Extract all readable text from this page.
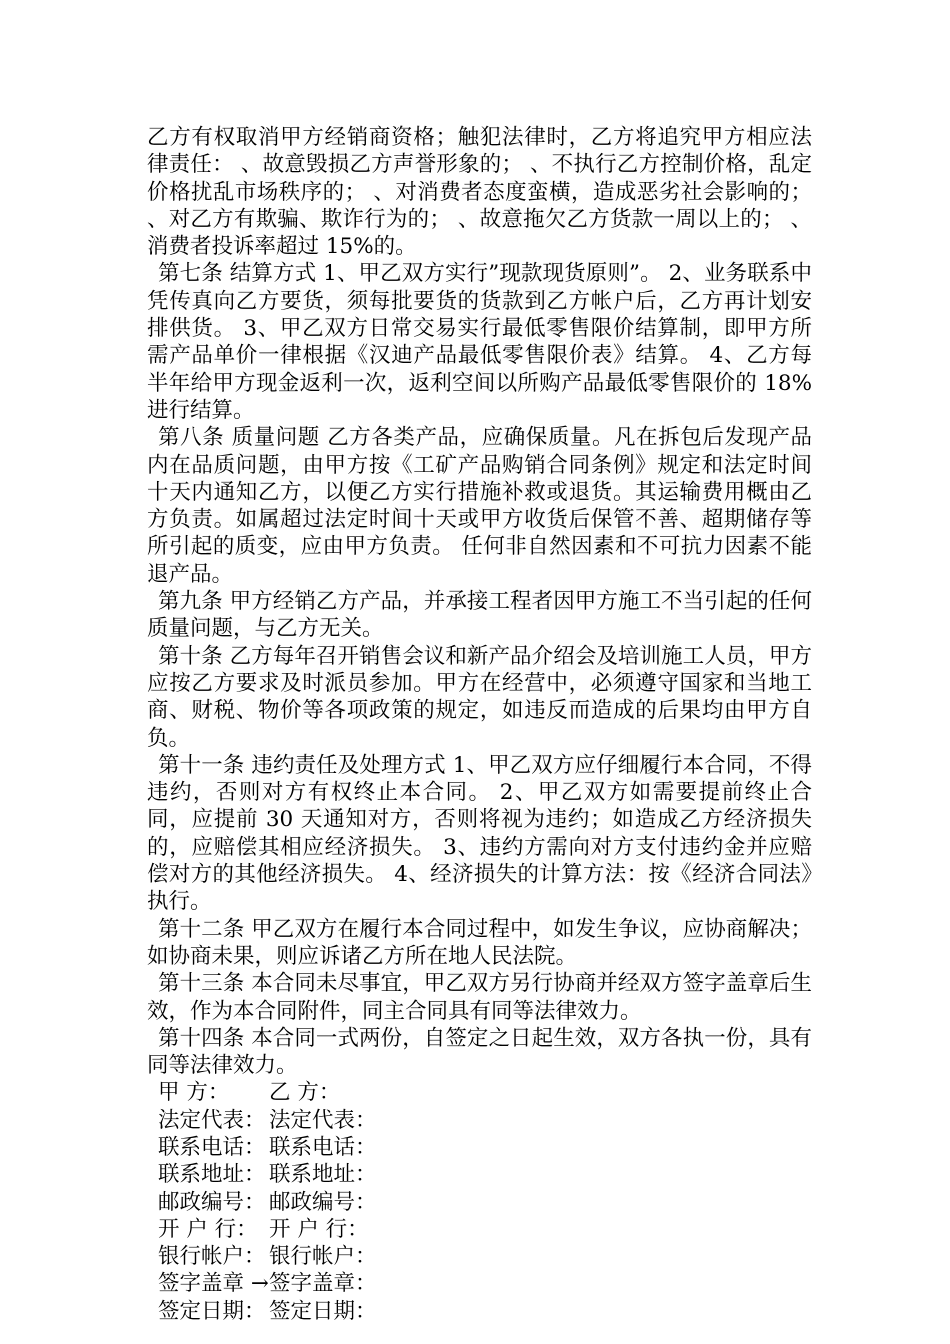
乙方有权取消甲方经销商资格；触犯法律时，乙方将追究甲方相应法律责任： 、故意毁损乙方声誉形象的； 、不执行乙方控制价格，乱定价格扰乱市场秩序的； 、对消费者态度蛮横，造成恶劣社会影响的； 、对乙方有欺骗、欺诈行为的； 、故意拖欠乙方货款一周以上的； 、消费者投诉率超过 15%的。

第七条 结算方式 1、甲乙双方实行”现款现货原则”。 2、业务联系中凭传真向乙方要货，须每批要货的货款到乙方帐户后，乙方再计划安排供货。 3、甲乙双方日常交易实行最低零售限价结算制，即甲方所需产品单价一律根据《汉迪产品最低零售限价表》结算。 4、乙方每半年给甲方现金返利一次，返利空间以所购产品最低零售限价的 18%进行结算。

第八条 质量问题 乙方各类产品，应确保质量。凡在拆包后发现产品内在品质问题，由甲方按《工矿产品购销合同条例》规定和法定时间十天内通知乙方，以便乙方实行措施补救或退货。其运输费用概由乙方负责。如属超过法定时间十天或甲方收货后保管不善、超期储存等所引起的质变，应由甲方负责。 任何非自然因素和不可抗力因素不能退产品。

第九条 甲方经销乙方产品，并承接工程者因甲方施工不当引起的任何质量问题，与乙方无关。

第十条 乙方每年召开销售会议和新产品介绍会及培训施工人员，甲方应按乙方要求及时派员参加。甲方在经营中，必须遵守国家和当地工商、财税、物价等各项政策的规定，如违反而造成的后果均由甲方自负。

第十一条 违约责任及处理方式 1、甲乙双方应仔细履行本合同，不得违约，否则对方有权终止本合同。 2、甲乙双方如需要提前终止合同，应提前 30 天通知对方，否则将视为违约；如造成乙方经济损失的，应赔偿其相应经济损失。 3、违约方需向对方支付违约金并应赔偿对方的其他经济损失。 4、经济损失的计算方法：按《经济合同法》执行。

第十二条 甲乙双方在履行本合同过程中，如发生争议，应协商解决；如协商未果，则应诉诸乙方所在地人民法院。

第十三条 本合同未尽事宜，甲乙双方另行协商并经双方签字盖章后生效，作为本合同附件，同主合同具有同等法律效力。

第十四条 本合同一式两份，自签定之日起生效，双方各执一份，具有同等法律效力。

甲 方：	乙 方：
法定代表： 法定代表：
联系电话： 联系电话：
联系地址： 联系地址：
邮政编号： 邮政编号：
开 户 行： 开 户 行：
银行帐户： 银行帐户：
签字盖章 → 签字盖章：
签定日期： 签定日期：
